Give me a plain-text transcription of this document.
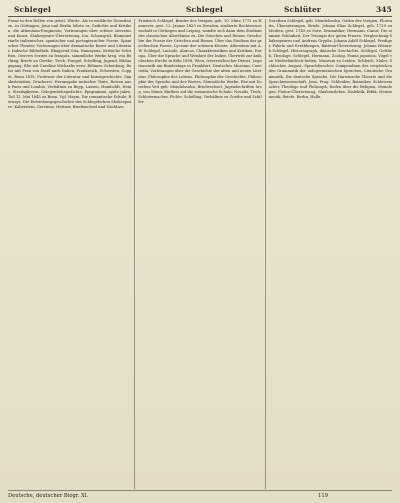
Schlegel	Schlegel	Schlüter	345
Franz in den Rollen von geistl. Würde. Als in weibliche Dienstboten, in Göttingen, Jena und Berlin lehrte er, Gedichte und Kritiken, die Athenäum-Fragmente, Vorlesungen über schöne Literatur und Kunst, Shakespeare-Übersetzung, Ion, Schauspiel, Blumensträuße italienischer, spanischer und portugiesischer Poesie, Spanisches Theater, Vorlesungen über dramatische Kunst und Literatur, Indische Bibliothek, Bhagavad-Gita, Ramayana, Kritische Schriften, Oeuvres écrites en français, sämmtliche Werke hrsg. von Böcking, Briefe an Goethe, Tieck, Fouqué, Schelling; Jugend, Bildungsgang, Ehe mit Caroline Michaelis verw. Böhmer, Scheidung, Reise mit Frau von Staël nach Italien, Frankreich, Schweden, Coppet, Bonn 1818, Professor der Literatur und Kunstgeschichte, Sanskritstudien, Druckerei, Herausgabe indischer Texte, Reisen nach Paris und London, Verhältnis zu Bopp, Lassen, Humboldt, Heine, Streitigkeiten, Gelegenheitsgedichte, Epigramme, späte Jahre, Tod 12. Mai 1845 zu Bonn. Vgl. Haym, Die romantische Schule; Bernays, Die Entstehungsgeschichte des Schlegelschen Shakespeare; Koberstein, Gervinus, Hettner, Briefwechsel und Nachlass.
Friedrich Schlegel, Bruder des Vorigen, geb. 10. März 1772 zu Hannover, gest. 12. Januar 1829 zu Dresden, studierte Rechtswissenschaft in Göttingen und Leipzig, wandte sich dann dem Studium des classischen Alterthums zu, Die Griechen und Römer, Geschichte der Poesie der Griechen und Römer, Über das Studium der griechischen Poesie, Lyceum der schönen Künste, Athenäum mit A. W. Schlegel, Lucinde, Alarcos, Charakteristiken und Kritiken, Europa, Über die Sprache und Weisheit der Indier, Übertritt zur katholischen Kirche in Köln 1808, Wien, österreichischer Dienst, Legationsrath am Bundestage in Frankfurt, Deutsches Museum, Concordia, Vorlesungen über die Geschichte der alten und neuen Literatur, Philosophie des Lebens, Philosophie der Geschichte, Philosophie der Sprache und des Wortes, Sämmtliche Werke, Ehe mit Dorothea Veit geb. Mendelssohn, Briefwechsel, Jugendschriften hrsg. von Minor, Einfluss auf die romantische Schule, Novalis, Tieck, Schleiermacher, Fichte, Schelling, Verhältnis zu Goethe und Schiller.
Dorothea Schlegel, geb. Mendelssohn, Gattin des Vorigen, Florentin, Übersetzungen, Briefe. Johann Elias Schlegel, geb. 1719 zu Meißen, gest. 1749 zu Sorø, Dramatiker, Hermann, Canut, Die stumme Schönheit, Der Triumph der guten Frauen, Vergleichung Shakespeares und Andreas Gryphs. Johann Adolf Schlegel, Prediger, Fabeln und Erzählungen, Batteux-Übersetzung. Johann Heinrich Schlegel, Historiograph, dänische Geschichte. Schlegel, Gottlieb, Theologe. Schlegel, Hermann, Zoolog, Fauna japonica, Vögel von Niederländisch-Indien, Museum zu Leiden. Schleich, Maler. Schleicher, August, Sprachforscher, Compendium der vergleichenden Grammatik der indogermanischen Sprachen, Litauische Grammatik, Die deutsche Sprache, Die Darwinsche Theorie und die Sprachwissenschaft, Jena, Prag. Schleiden, Botaniker. Schleiermacher, Theologe und Philosoph, Reden über die Religion, Monologen, Platon-Übersetzung, Glaubenslehre, Dialektik, Ethik, Hermeneutik, Briefe, Berlin, Halle.
Deutsche, deutscher Biogr. XI.	119
